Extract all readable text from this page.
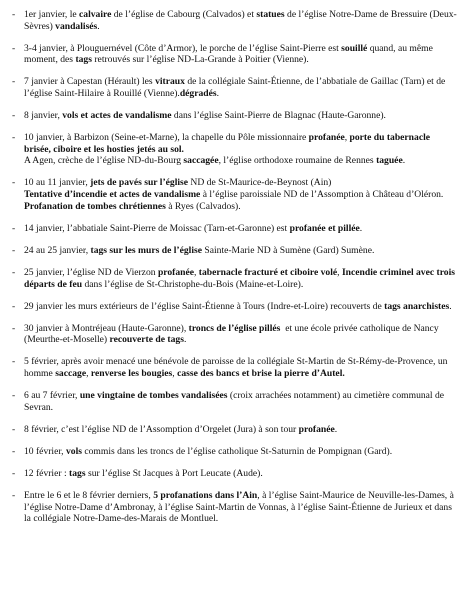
- 1er janvier, le calvaire de l’église de Cabourg (Calvados) et statues de l’église Notre-Dame de Bressuire (Deux-Sèvres) vandalisés.
- 3-4 janvier, à Plouguernével (Côte d’Armor), le porche de l’église Saint-Pierre est souillé quand, au même moment, des tags retrouvés sur l’église ND-La-Grande à Poitier (Vienne).
- 7 janvier à Capestan (Hérault) les vitraux de la collégiale Saint-Étienne, de l’abbatiale de Gaillac (Tarn) et de l’église Saint-Hilaire à Rouillé (Vienne).dégradés.
- 8 janvier, vols et actes de vandalisme dans l’église Saint-Pierre de Blagnac (Haute-Garonne).
- 10 janvier, à Barbizon (Seine-et-Marne), la chapelle du Pôle missionnaire profanée, porte du tabernacle brisée, ciboire et les hosties jetés au sol.
A Agen, crèche de l’église ND-du-Bourg saccagée, l’église orthodoxe roumaine de Rennes taguée.
- 10 au 11 janvier, jets de pavés sur l’église ND de St-Maurice-de-Beynost (Ain)
Tentative d’incendie et actes de vandalisme à l’église paroissiale ND de l’Assomption à Château d’Oléron.
Profanation de tombes chrétiennes à Ryes (Calvados).
- 14 janvier, l’abbatiale Saint-Pierre de Moissac (Tarn-et-Garonne) est profanée et pillée.
- 24 au 25 janvier, tags sur les murs de l’église Sainte-Marie ND à Sumène (Gard) Sumène.
- 25 janvier, l’église ND de Vierzon profanée, tabernacle fracturé et ciboire volé, Incendie criminel avec trois départs de feu dans l’église de St-Christophe-du-Bois (Maine-et-Loire).
- 29 janvier les murs extérieurs de l’église Saint-Étienne à Tours (Indre-et-Loire) recouverts de tags anarchistes.
- 30 janvier à Montréjeau (Haute-Garonne), troncs de l’église pillés  et une école privée catholique de Nancy (Meurthe-et-Moselle) recouverte de tags.
- 5 février, après avoir menacé une bénévole de paroisse de la collégiale St-Martin de St-Rémy-de-Provence, un homme saccage, renverse les bougies, casse des bancs et brise la pierre d’Autel.
- 6 au 7 février, une vingtaine de tombes vandalisées (croix arrachées notamment) au cimetière communal de Sevran.
- 8 février, c’est l’église ND de l’Assomption d’Orgelet (Jura) à son tour profanée.
- 10 février, vols commis dans les troncs de l’église catholique St-Saturnin de Pompignan (Gard).
- 12 février : tags sur l’église St Jacques à Port Leucate (Aude).
- Entre le 6 et le 8 février derniers, 5 profanations dans l’Ain, à l’église Saint-Maurice de Neuville-les-Dames, à l’église Notre-Dame d’Ambronay, à l’église Saint-Martin de Vonnas, à l’église Saint-Étienne de Jurieux et dans la collégiale Notre-Dame-des-Marais de Montluel.
